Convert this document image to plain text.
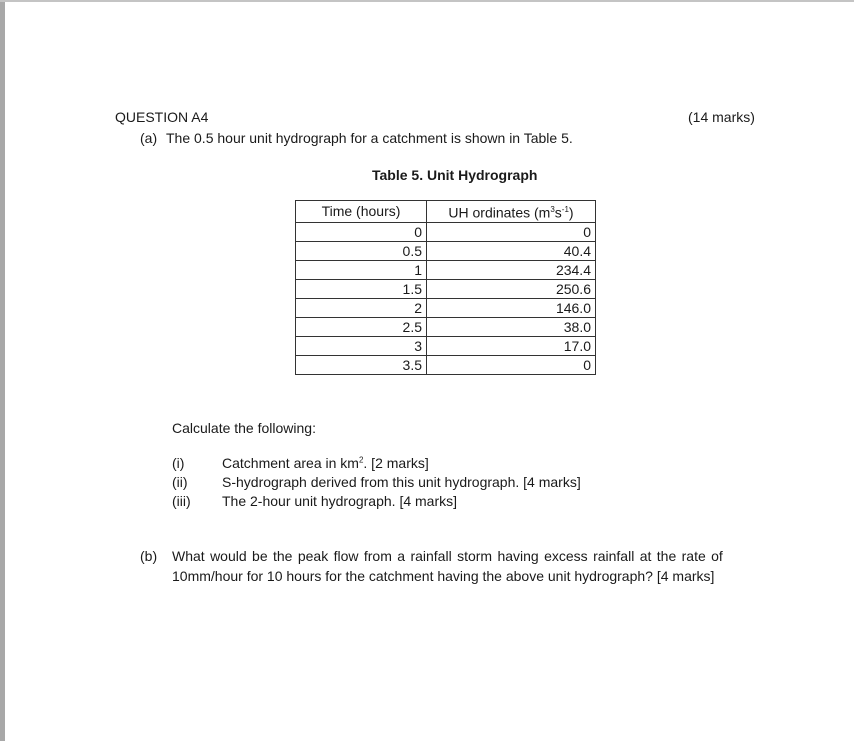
QUESTION A4	(14 marks)
(a) The 0.5 hour unit hydrograph for a catchment is shown in Table 5.
Table 5. Unit Hydrograph
Time (hours)	UH ordinates $(m^3s^{-1})$
0	0
0.5	40.4
1	234.4
1.5	250.6
2	146.0
2.5	38.0
3	17.0
3.5	0
Calculate the following:
(i)	Catchment area in $km^2$. [2 marks]
(ii) S-hydrograph derived from this unit hydrograph. [4 marks]
(iii) The 2-hour unit hydrograph. [4 marks]
(b) What would be the peak flow from a rainfall storm having excess rainfall at the rate of
10mm/hour for 10 hours for the catchment having the above unit hydrograph? [4 marks]
